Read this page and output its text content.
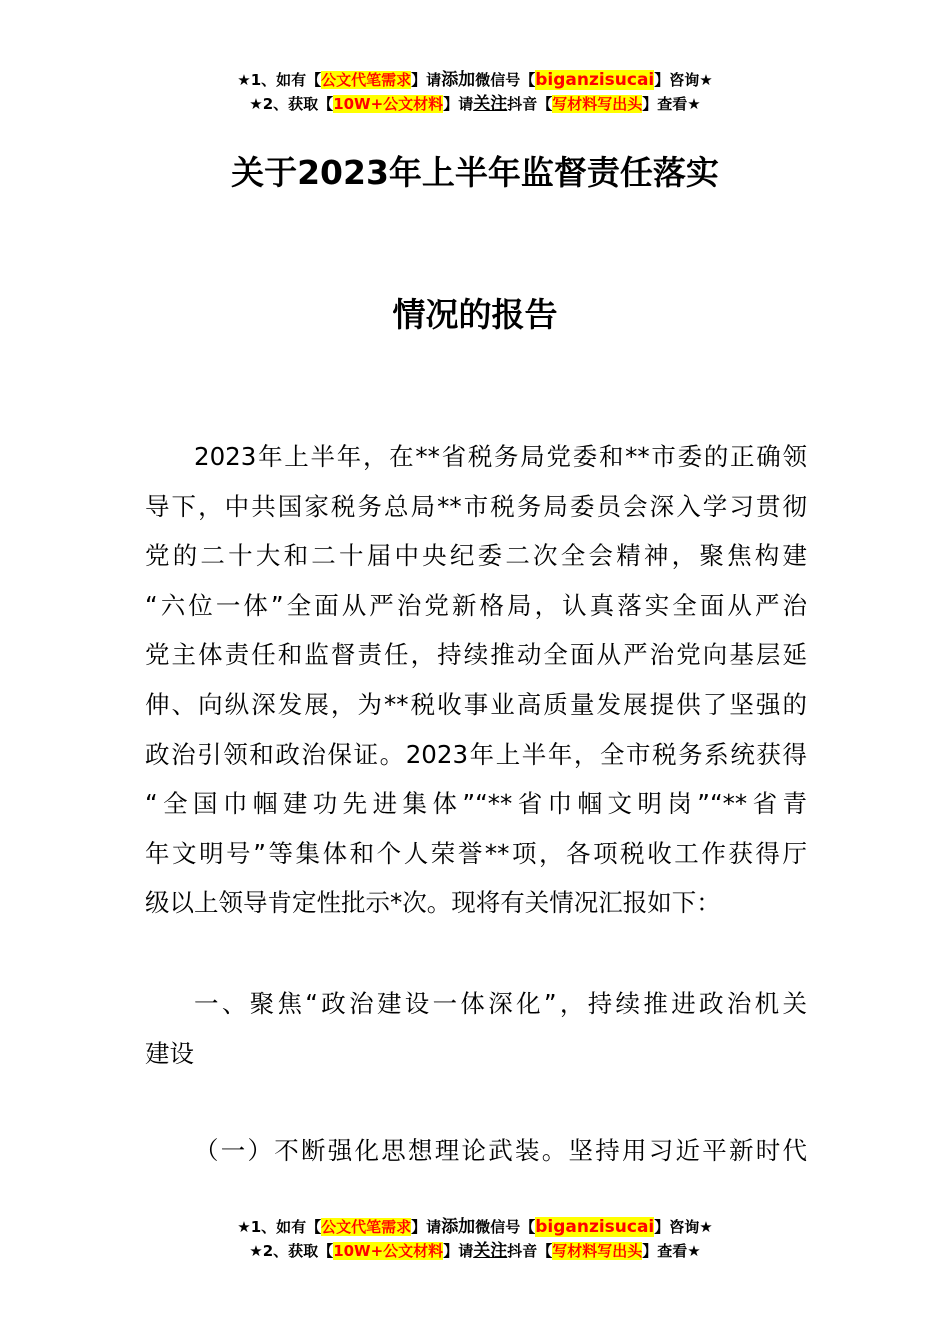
★1、如有【公文代笔需求】请添加微信号【biganzisucai】咨询★
★2、获取【10W+公文材料】请关注抖音【写材料写出头】查看★
关于2023年上半年监督责任落实
情况的报告
2023年上半年，在**省税务局党委和**市委的正确领
导下，中共国家税务总局**市税务局委员会深入学习贯彻
党的二十大和二十届中央纪委二次全会精神，聚焦构建
“六位一体”全面从严治党新格局，认真落实全面从严治
党主体责任和监督责任，持续推动全面从严治党向基层延
伸、向纵深发展，为**税收事业高质量发展提供了坚强的
政治引领和政治保证。2023年上半年，全市税务系统获得
“全国巾帼建功先进集体”“**省巾帼文明岗”“**省青
年文明号”等集体和个人荣誉**项，各项税收工作获得厅
级以上领导肯定性批示*次。现将有关情况汇报如下：
一、聚焦“政治建设一体深化”，持续推进政治机关
建设
（一）不断强化思想理论武装。坚持用习近平新时代
★1、如有【公文代笔需求】请添加微信号【biganzisucai】咨询★
★2、获取【10W+公文材料】请关注抖音【写材料写出头】查看★
